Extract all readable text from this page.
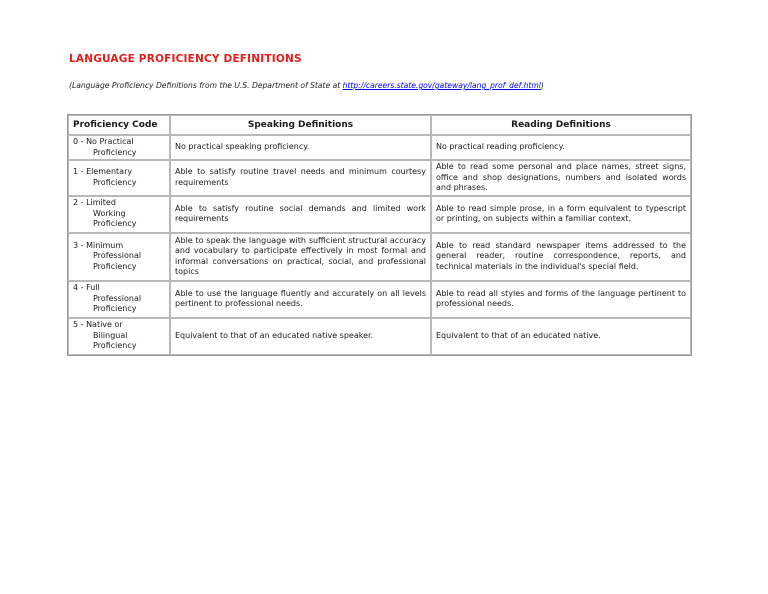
LANGUAGE PROFICIENCY DEFINITIONS
(Language Proficiency Definitions from the U.S. Department of State at http://careers.state.gov/gateway/lang_prof_def.html)
Proficiency Code	Speaking Definitions	Reading Definitions

0 - No Practical
Proficiency	No practical speaking proficiency.	No practical reading proficiency.

1 - Elementary
Proficiency	Able to satisfy routine travel needs and minimum courtesy requirements	Able to read some personal and place names, street signs, office and shop designations, numbers and isolated words and phrases.

2 - Limited
Working Proficiency	Able to satisfy routine social demands and limited work requirements	Able to read simple prose, in a form equivalent to typescript or printing, on subjects within a familiar context.

3 - Minimum
Professional Proficiency	Able to speak the language with sufficient structural accuracy and vocabulary to participate effectively in most formal and informal conversations on practical, social, and professional topics	Able to read standard newspaper items addressed to the general reader, routine correspondence, reports, and technical materials in the individual's special field.

4 - Full
Professional Proficiency	Able to use the language fluently and accurately on all levels pertinent to professional needs.	Able to read all styles and forms of the language pertinent to professional needs.

5 - Native or
Bilingual Proficiency	Equivalent to that of an educated native speaker.	Equivalent to that of an educated native.
